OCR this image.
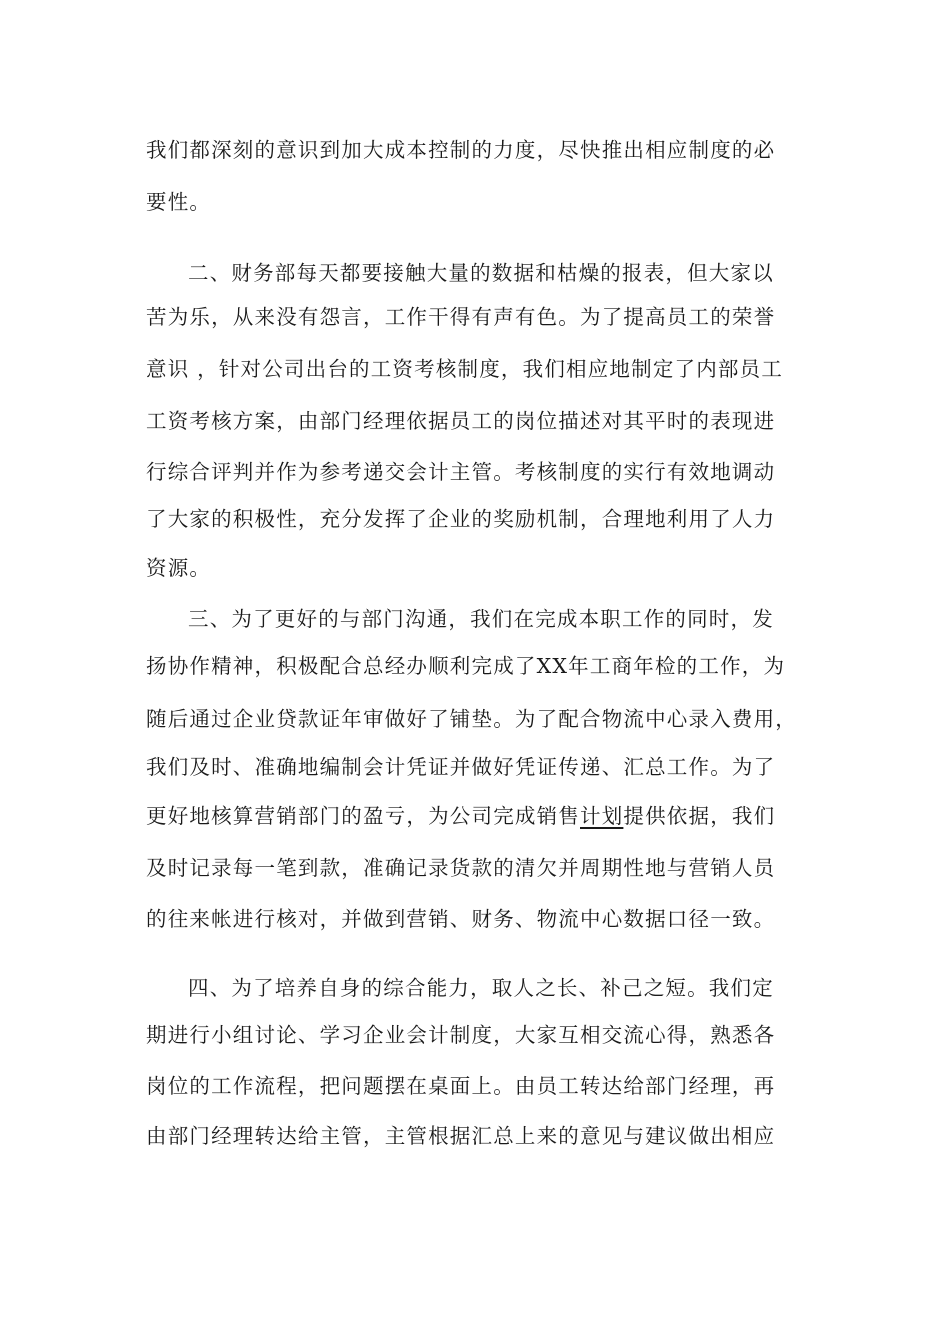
我们都深刻的意识到加大成本控制的力度，尽快推出相应制度的必
要性。
二、财务部每天都要接触大量的数据和枯燥的报表，但大家以
苦为乐，从来没有怨言，工作干得有声有色。为了提高员工的荣誉
意识 ，针对公司出台的工资考核制度，我们相应地制定了内部员工
工资考核方案，由部门经理依据员工的岗位描述对其平时的表现进
行综合评判并作为参考递交会计主管。考核制度的实行有效地调动
了大家的积极性，充分发挥了企业的奖励机制，合理地利用了人力
资源。
三、为了更好的与部门沟通，我们在完成本职工作的同时，发
扬协作精神，积极配合总经办顺利完成了XX年工商年检的工作，为
随后通过企业贷款证年审做好了铺垫。为了配合物流中心录入费用，
我们及时、准确地编制会计凭证并做好凭证传递、汇总工作。为了
更好地核算营销部门的盈亏，为公司完成销售计划提供依据，我们
及时记录每一笔到款，准确记录货款的清欠并周期性地与营销人员
的往来帐进行核对，并做到营销、财务、物流中心数据口径一致。
四、为了培养自身的综合能力，取人之长、补己之短。我们定
期进行小组讨论、学习企业会计制度，大家互相交流心得，熟悉各
岗位的工作流程，把问题摆在桌面上。由员工转达给部门经理，再
由部门经理转达给主管，主管根据汇总上来的意见与建议做出相应
